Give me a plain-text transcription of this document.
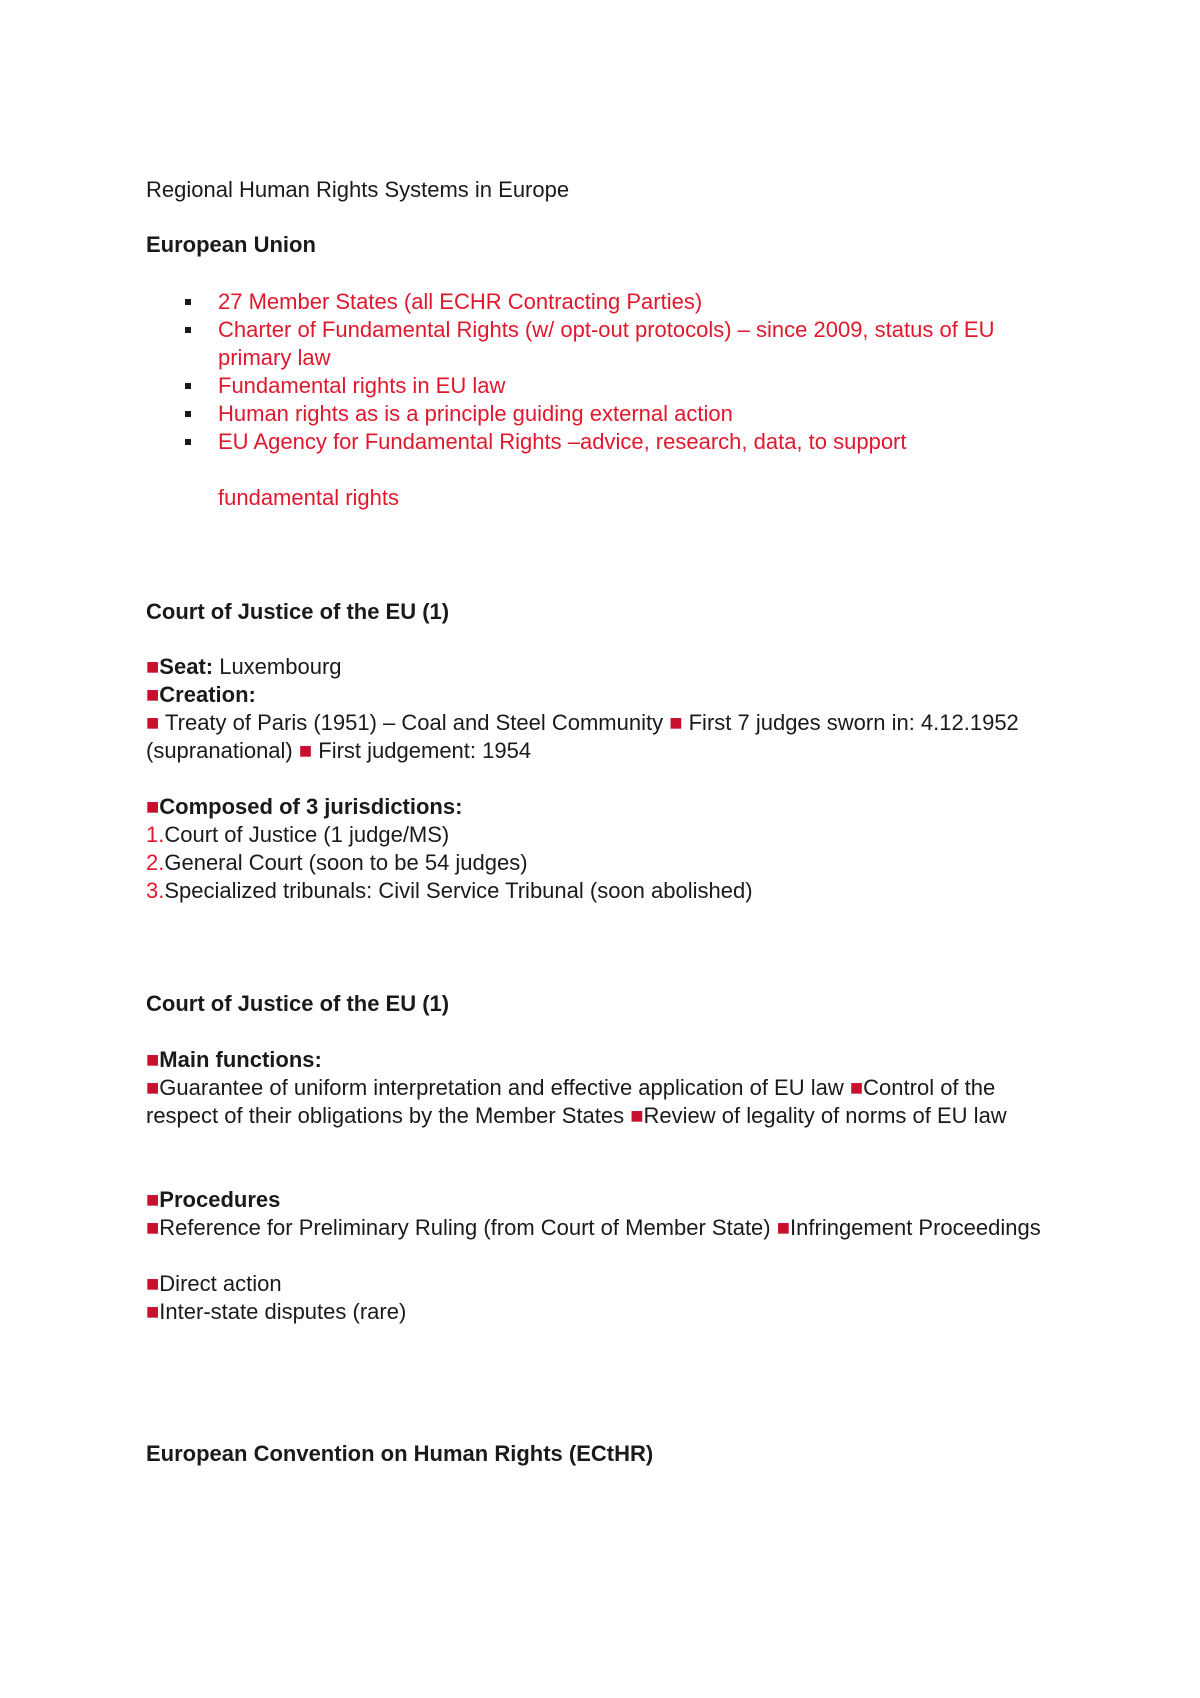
Regional Human Rights Systems in Europe
European Union
27 Member States (all ECHR Contracting Parties)
Charter of Fundamental Rights (w/ opt-out protocols) – since 2009, status of EU primary law
Fundamental rights in EU law
Human rights as is a principle guiding external action
EU Agency for Fundamental Rights –advice, research, data, to support
fundamental rights
Court of Justice of the EU (1)
■Seat: Luxembourg
■Creation:
■ Treaty of Paris (1951) – Coal and Steel Community ■ First 7 judges sworn in: 4.12.1952 (supranational) ■ First judgement: 1954
■Composed of 3 jurisdictions:
1.Court of Justice (1 judge/MS)
2.General Court (soon to be 54 judges)
3.Specialized tribunals: Civil Service Tribunal (soon abolished)
Court of Justice of the EU (1)
■Main functions:
■Guarantee of uniform interpretation and effective application of EU law ■Control of the respect of their obligations by the Member States ■Review of legality of norms of EU law
■Procedures
■Reference for Preliminary Ruling (from Court of Member State) ■Infringement Proceedings
■Direct action
■Inter-state disputes (rare)
European Convention on Human Rights (ECtHR)
